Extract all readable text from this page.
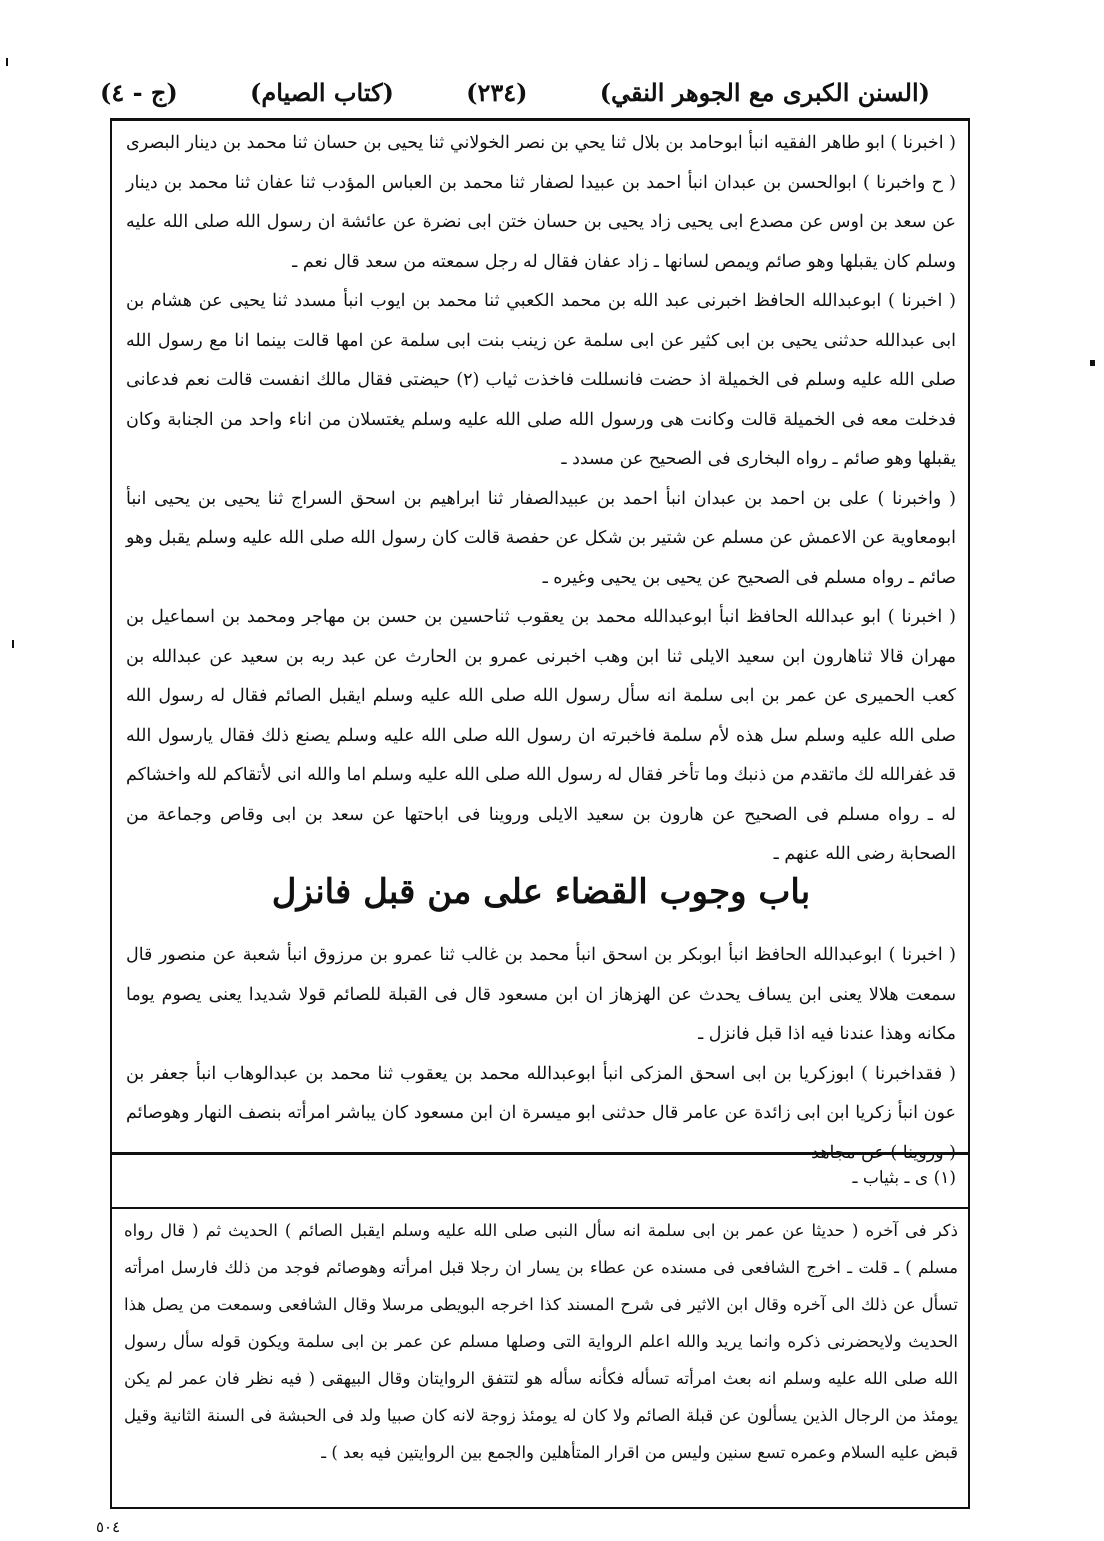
(السنن الكبرى مع الجوهر النقي)
(٢٣٤)
(كتاب الصيام)
(ج - ٤)

( اخبرنا ) ابو طاهر الفقيه انبأ ابوحامد بن بلال ثنا يحي بن نصر الخولاني ثنا يحيى بن حسان ثنا محمد بن دينار البصرى ( ح واخبرنا ) ابوالحسن بن عبدان انبأ احمد بن عبيدا لصفار ثنا محمد بن العباس المؤدب ثنا عفان ثنا محمد بن دينار عن سعد بن اوس عن مصدع ابى يحيى زاد يحيى بن حسان ختن ابى نضرة عن عائشة ان رسول الله صلى الله عليه وسلم كان يقبلها وهو صائم ويمص لسانها ـ زاد عفان فقال له رجل سمعته من سعد قال نعم ـ

( اخبرنا ) ابوعبدالله الحافظ اخبرنى عبد الله بن محمد الكعبي ثنا محمد بن ايوب انبأ مسدد ثنا يحيى عن هشام بن ابى عبدالله حدثنى يحيى بن ابى كثير عن ابى سلمة عن زينب بنت ابى سلمة عن امها قالت بينما انا مع رسول الله صلى الله عليه وسلم فى الخميلة اذ حضت فانسللت فاخذت ثياب (٢) حيضتى فقال مالك انفست قالت نعم فدعانى فدخلت معه فى الخميلة قالت وكانت هى ورسول الله صلى الله عليه وسلم يغتسلان من اناء واحد من الجنابة وكان يقبلها وهو صائم ـ رواه البخارى فى الصحيح عن مسدد ـ

( واخبرنا ) على بن احمد بن عبدان انبأ احمد بن عبيدالصفار ثنا ابراهيم بن اسحق السراج ثنا يحيى بن يحيى انبأ ابومعاوية عن الاعمش عن مسلم عن شتير بن شكل عن حفصة قالت كان رسول الله صلى الله عليه وسلم يقبل وهو صائم ـ رواه مسلم فى الصحيح عن يحيى بن يحيى وغيره ـ

( اخبرنا ) ابو عبدالله الحافظ انبأ ابوعبدالله محمد بن يعقوب ثناحسين بن حسن بن مهاجر ومحمد بن اسماعيل بن مهران قالا ثناهارون ابن سعيد الايلى ثنا ابن وهب اخبرنى عمرو بن الحارث عن عبد ربه بن سعيد عن عبدالله بن كعب الحميرى عن عمر بن ابى سلمة انه سأل رسول الله صلى الله عليه وسلم ايقبل الصائم فقال له رسول الله صلى الله عليه وسلم سل هذه لأم سلمة فاخبرته ان رسول الله صلى الله عليه وسلم يصنع ذلك فقال يارسول الله قد غفرالله لك ماتقدم من ذنبك وما تأخر فقال له رسول الله صلى الله عليه وسلم اما والله انى لأتقاكم لله واخشاكم له ـ رواه مسلم فى الصحيح عن هارون بن سعيد الايلى وروينا فى اباحتها عن سعد بن ابى وقاص وجماعة من الصحابة رضى الله عنهم ـ

باب وجوب القضاء على من قبل فانزل

( اخبرنا ) ابوعبدالله الحافظ انبأ ابوبكر بن اسحق انبأ محمد بن غالب ثنا عمرو بن مرزوق انبأ شعبة عن منصور قال سمعت هلالا يعنى ابن يساف يحدث عن الهزهاز ان ابن مسعود قال فى القبلة للصائم قولا شديدا يعنى يصوم يوما مكانه وهذا عندنا فيه اذا قبل فانزل ـ

( فقداخبرنا ) ابوزكريا بن ابى اسحق المزكى انبأ ابوعبدالله محمد بن يعقوب ثنا محمد بن عبدالوهاب انبأ جعفر بن عون انبأ زكريا ابن ابى زائدة عن عامر قال حدثنى ابو ميسرة ان ابن مسعود كان يباشر امرأته بنصف النهار وهوصائم ( وروينا ) عن مجاهد

(١) ى ـ بثياب ـ

ذكر فى آخره ( حديثا عن عمر بن ابى سلمة انه سأل النبى صلى الله عليه وسلم ايقبل الصائم ) الحديث ثم ( قال رواه مسلم ) ـ قلت ـ اخرج الشافعى فى مسنده عن عطاء بن يسار ان رجلا قبل امرأته وهوصائم فوجد من ذلك فارسل امرأته تسأل عن ذلك الى آخره وقال ابن الاثير فى شرح المسند كذا اخرجه البويطى مرسلا وقال الشافعى وسمعت من يصل هذا الحديث ولايحضرنى ذكره وانما يريد والله اعلم الرواية التى وصلها مسلم عن عمر بن ابى سلمة ويكون قوله سأل رسول الله صلى الله عليه وسلم انه بعث امرأته تسأله فكأنه سأله هو لتتفق الروايتان وقال البيهقى ( فيه نظر فان عمر لم يكن يومئذ من الرجال الذين يسألون عن قبلة الصائم ولا كان له يومئذ زوجة لانه كان صبيا ولد فى الحبشة فى السنة الثانية وقيل قبض عليه السلام وعمره تسع سنين وليس من اقرار المتأهلين والجمع بين الروايتين فيه بعد ) ـ

٥٠٤
